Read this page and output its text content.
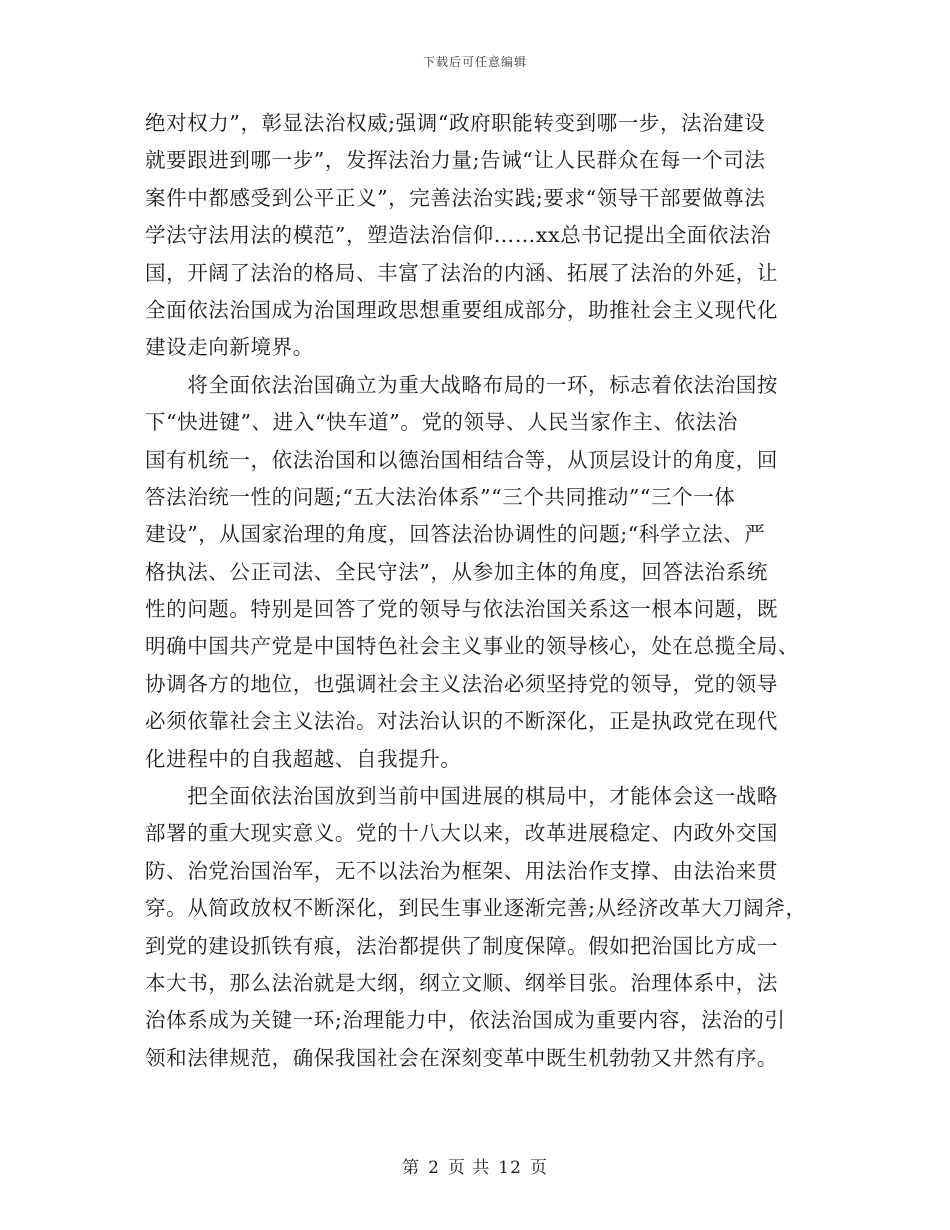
下载后可任意编辑
绝对权力”，彰显法治权威;强调“政府职能转变到哪一步，法治建设
就要跟进到哪一步”，发挥法治力量;告诫“让人民群众在每一个司法
案件中都感受到公平正义”，完善法治实践;要求“领导干部要做尊法
学法守法用法的模范”，塑造法治信仰……xx总书记提出全面依法治
国，开阔了法治的格局、丰富了法治的内涵、拓展了法治的外延，让
全面依法治国成为治国理政思想重要组成部分，助推社会主义现代化
建设走向新境界。
　　将全面依法治国确立为重大战略布局的一环，标志着依法治国按
下“快进键”、进入“快车道”。党的领导、人民当家作主、依法治
国有机统一，依法治国和以德治国相结合等，从顶层设计的角度，回
答法治统一性的问题;“五大法治体系”“三个共同推动”“三个一体
建设”，从国家治理的角度，回答法治协调性的问题;“科学立法、严
格执法、公正司法、全民守法”，从参加主体的角度，回答法治系统
性的问题。特别是回答了党的领导与依法治国关系这一根本问题，既
明确中国共产党是中国特色社会主义事业的领导核心，处在总揽全局、
协调各方的地位，也强调社会主义法治必须坚持党的领导，党的领导
必须依靠社会主义法治。对法治认识的不断深化，正是执政党在现代
化进程中的自我超越、自我提升。
　　把全面依法治国放到当前中国进展的棋局中，才能体会这一战略
部署的重大现实意义。党的十八大以来，改革进展稳定、内政外交国
防、治党治国治军，无不以法治为框架、用法治作支撑、由法治来贯
穿。从简政放权不断深化，到民生事业逐渐完善;从经济改革大刀阔斧，
到党的建设抓铁有痕，法治都提供了制度保障。假如把治国比方成一
本大书，那么法治就是大纲，纲立文顺、纲举目张。治理体系中，法
治体系成为关键一环;治理能力中，依法治国成为重要内容，法治的引
领和法律规范，确保我国社会在深刻变革中既生机勃勃又井然有序。
第 2 页 共 12 页
